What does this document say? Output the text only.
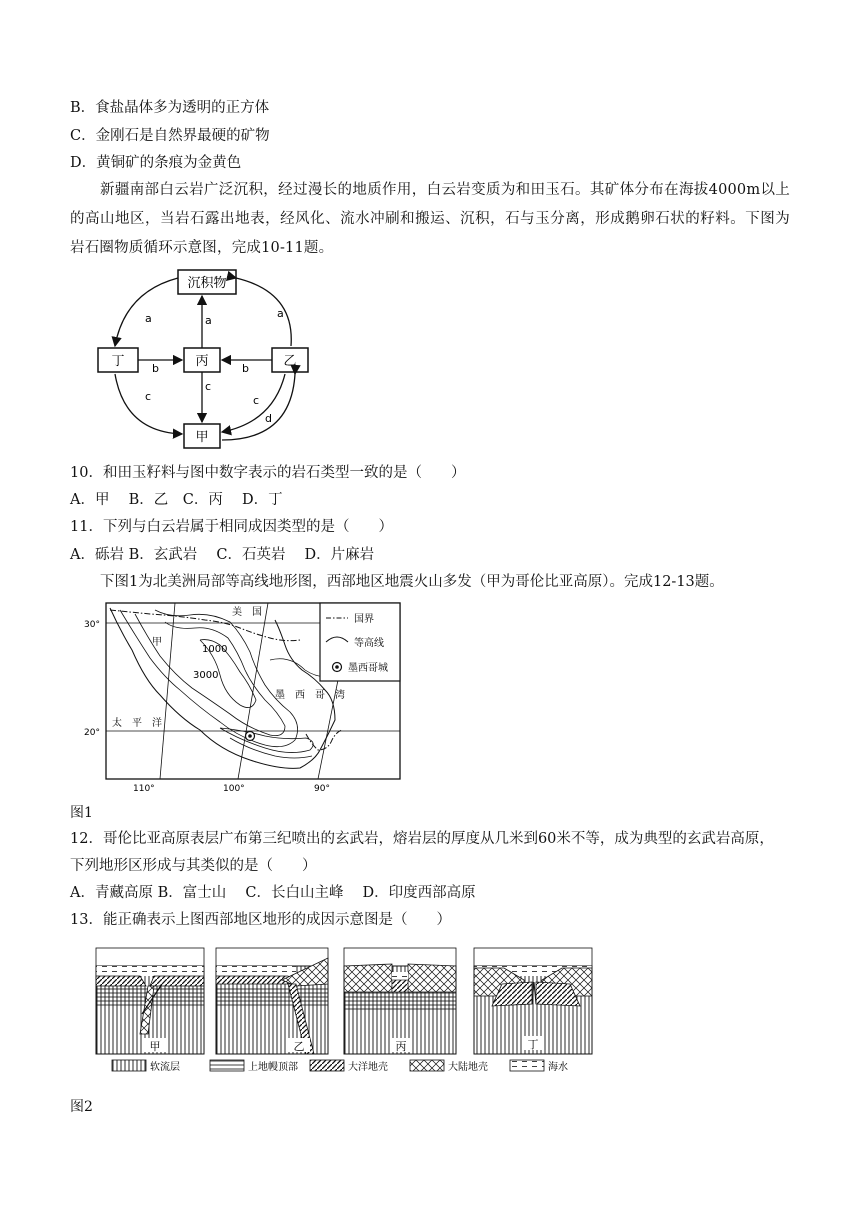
B．食盐晶体多为透明的正方体
C．金刚石是自然界最硬的矿物
D．黄铜矿的条痕为金黄色
新疆南部白云岩广泛沉积，经过漫长的地质作用，白云岩变质为和田玉石。其矿体分布在海拔4000m以上的高山地区，当岩石露出地表，经风化、流水冲刷和搬运、沉积，石与玉分离，形成鹅卵石状的籽料。下图为岩石圈物质循环示意图，完成10-11题。
沉积物
丁	丙	乙
甲
a	a
a
b	b
c
c
c
d
10．和田玉籽料与图中数字表示的岩石类型一致的是（　　）
A．甲　 B．乙　C．丙　 D．丁
11．下列与白云岩属于相同成因类型的是（　　）
A．砾岩 B．玄武岩　 C．石英岩　 D．片麻岩
下图1为北美洲局部等高线地形图，西部地区地震火山多发（甲为哥伦比亚高原）。完成12-13题。
国界
等高线
墨西哥城
美　国
甲
1000
3000
墨　西　哥　湾
太　平　洋
30°
20°
110°	100°	90°
图1
12．哥伦比亚高原表层广布第三纪喷出的玄武岩，熔岩层的厚度从几米到60米不等，成为典型的玄武岩高原，
下列地形区形成与其类似的是（　　）
A．青藏高原 B．富士山　 C．长白山主峰　 D．印度西部高原
13．能正确表示上图西部地区地形的成因示意图是（　　）
甲	乙	丙	丁
软流层	上地幔顶部	大洋地壳	大陆地壳	海水
图2
